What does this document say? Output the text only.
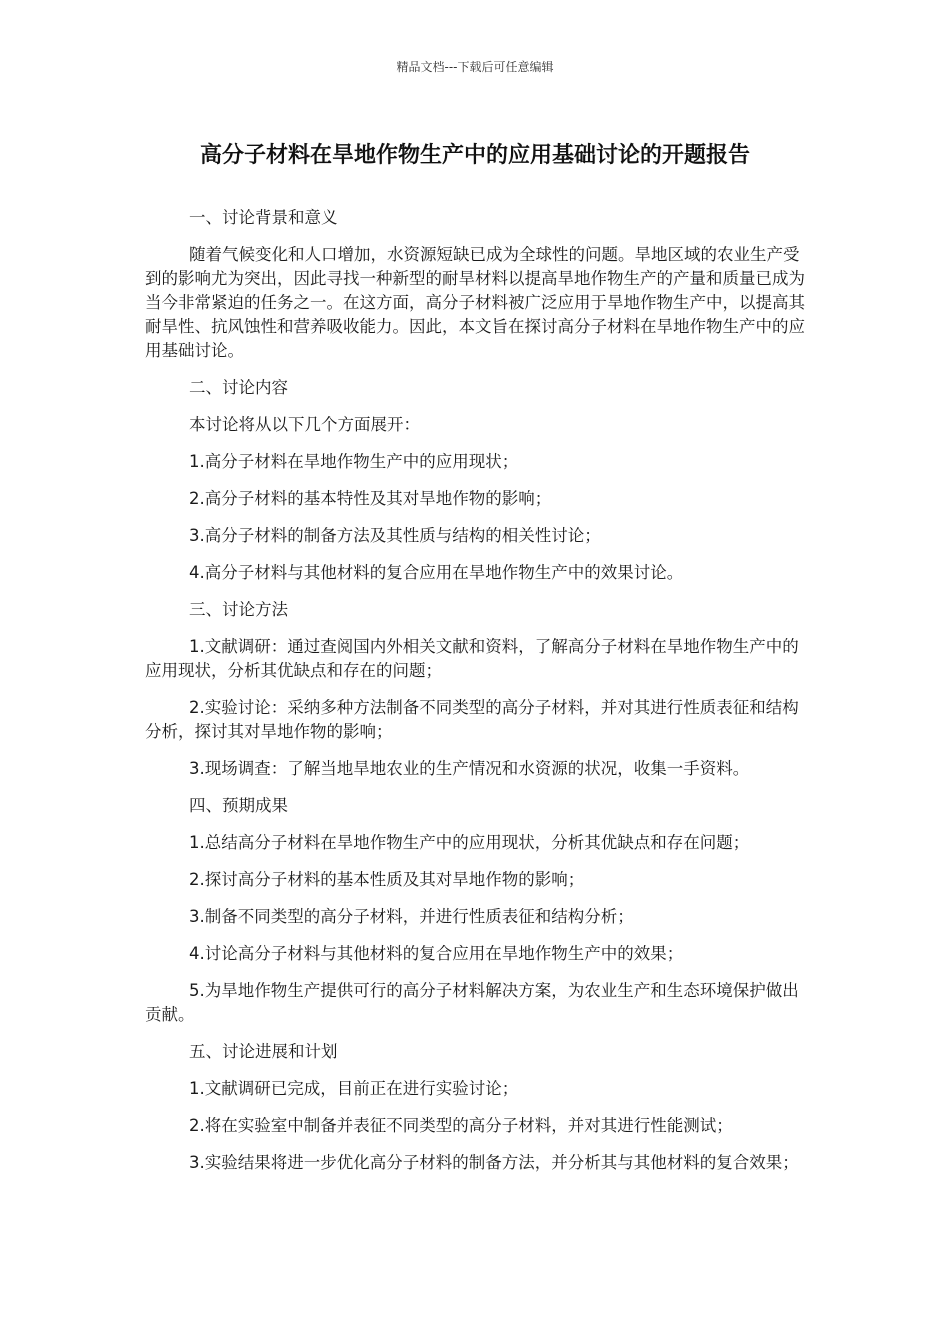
精品文档---下载后可任意编辑
高分子材料在旱地作物生产中的应用基础讨论的开题报告

一、讨论背景和意义

随着气候变化和人口增加，水资源短缺已成为全球性的问题。旱地区域的农业生产受到的影响尤为突出，因此寻找一种新型的耐旱材料以提高旱地作物生产的产量和质量已成为当今非常紧迫的任务之一。在这方面，高分子材料被广泛应用于旱地作物生产中，以提高其耐旱性、抗风蚀性和营养吸收能力。因此，本文旨在探讨高分子材料在旱地作物生产中的应用基础讨论。

二、讨论内容

本讨论将从以下几个方面展开：

1.高分子材料在旱地作物生产中的应用现状；

2.高分子材料的基本特性及其对旱地作物的影响；

3.高分子材料的制备方法及其性质与结构的相关性讨论；

4.高分子材料与其他材料的复合应用在旱地作物生产中的效果讨论。

三、讨论方法

1.文献调研：通过查阅国内外相关文献和资料，了解高分子材料在旱地作物生产中的应用现状，分析其优缺点和存在的问题；

2.实验讨论：采纳多种方法制备不同类型的高分子材料，并对其进行性质表征和结构分析，探讨其对旱地作物的影响；

3.现场调查：了解当地旱地农业的生产情况和水资源的状况，收集一手资料。

四、预期成果

1.总结高分子材料在旱地作物生产中的应用现状，分析其优缺点和存在问题；

2.探讨高分子材料的基本性质及其对旱地作物的影响；

3.制备不同类型的高分子材料，并进行性质表征和结构分析；

4.讨论高分子材料与其他材料的复合应用在旱地作物生产中的效果；

5.为旱地作物生产提供可行的高分子材料解决方案，为农业生产和生态环境保护做出贡献。

五、讨论进展和计划

1.文献调研已完成，目前正在进行实验讨论；

2.将在实验室中制备并表征不同类型的高分子材料，并对其进行性能测试；

3.实验结果将进一步优化高分子材料的制备方法，并分析其与其他材料的复合效果；
